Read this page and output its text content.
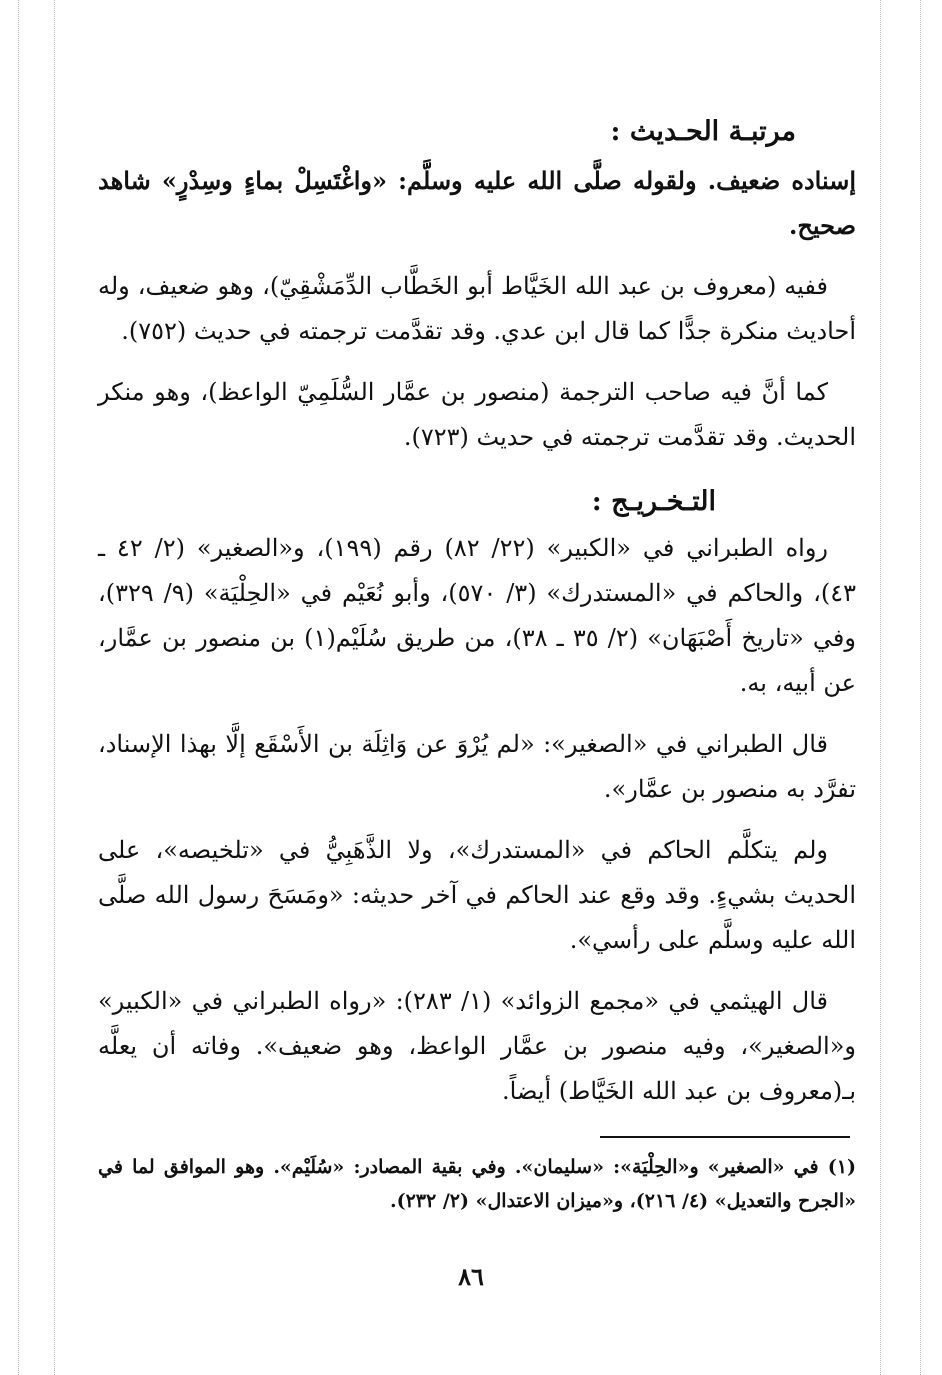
مرتبـة الحـديث :

إسناده ضعيف. ولقوله صلَّى الله عليه وسلَّم: «واغْتَسِلْ بماءٍ وسِدْرٍ» شاهد صحيح.

ففيه (معروف بن عبد الله الخَيَّاط أبو الخَطَّاب الدِّمَشْقِيّ)، وهو ضعيف، وله أحاديث منكرة جدًّا كما قال ابن عدي. وقد تقدَّمت ترجمته في حديث (٧٥٢).

كما أنَّ فيه صاحب الترجمة (منصور بن عمَّار السُّلَمِيّ الواعظ)، وهو منكر الحديث. وقد تقدَّمت ترجمته في حديث (٧٢٣).

التـخـريـج :

رواه الطبراني في «الكبير» (٢٢/ ٨٢) رقم (١٩٩)، و«الصغير» (٢/ ٤٢ ـ ٤٣)، والحاكم في «المستدرك» (٣/ ٥٧٠)، وأبو نُعَيْم في «الحِلْيَة» (٩/ ٣٢٩)، وفي «تاريخ أَصْبَهَان» (٢/ ٣٥ ـ ٣٨)، من طريق سُلَيْم(١) بن منصور بن عمَّار، عن أبيه، به.

قال الطبراني في «الصغير»: «لم يُرْوَ عن وَاثِلَة بن الأَسْقَع إلَّا بهذا الإسناد، تفرَّد به منصور بن عمَّار».

ولم يتكلَّم الحاكم في «المستدرك»، ولا الذَّهَبِيُّ في «تلخيصه»، على الحديث بشيءٍ. وقد وقع عند الحاكم في آخر حديثه: «ومَسَحَ رسول الله صلَّى الله عليه وسلَّم على رأسي».

قال الهيثمي في «مجمع الزوائد» (١/ ٢٨٣): «رواه الطبراني في «الكبير» و«الصغير»، وفيه منصور بن عمَّار الواعظ، وهو ضعيف». وفاته أن يعلَّه بـ(معروف بن عبد الله الخَيَّاط) أيضاً.

(١) في «الصغير» و«الحِلْيَة»: «سليمان». وفي بقية المصادر: «سُلَيْم». وهو الموافق لما في «الجرح والتعديل» (٤/ ٢١٦)، و«ميزان الاعتدال» (٢/ ٢٣٢).
٨٦
